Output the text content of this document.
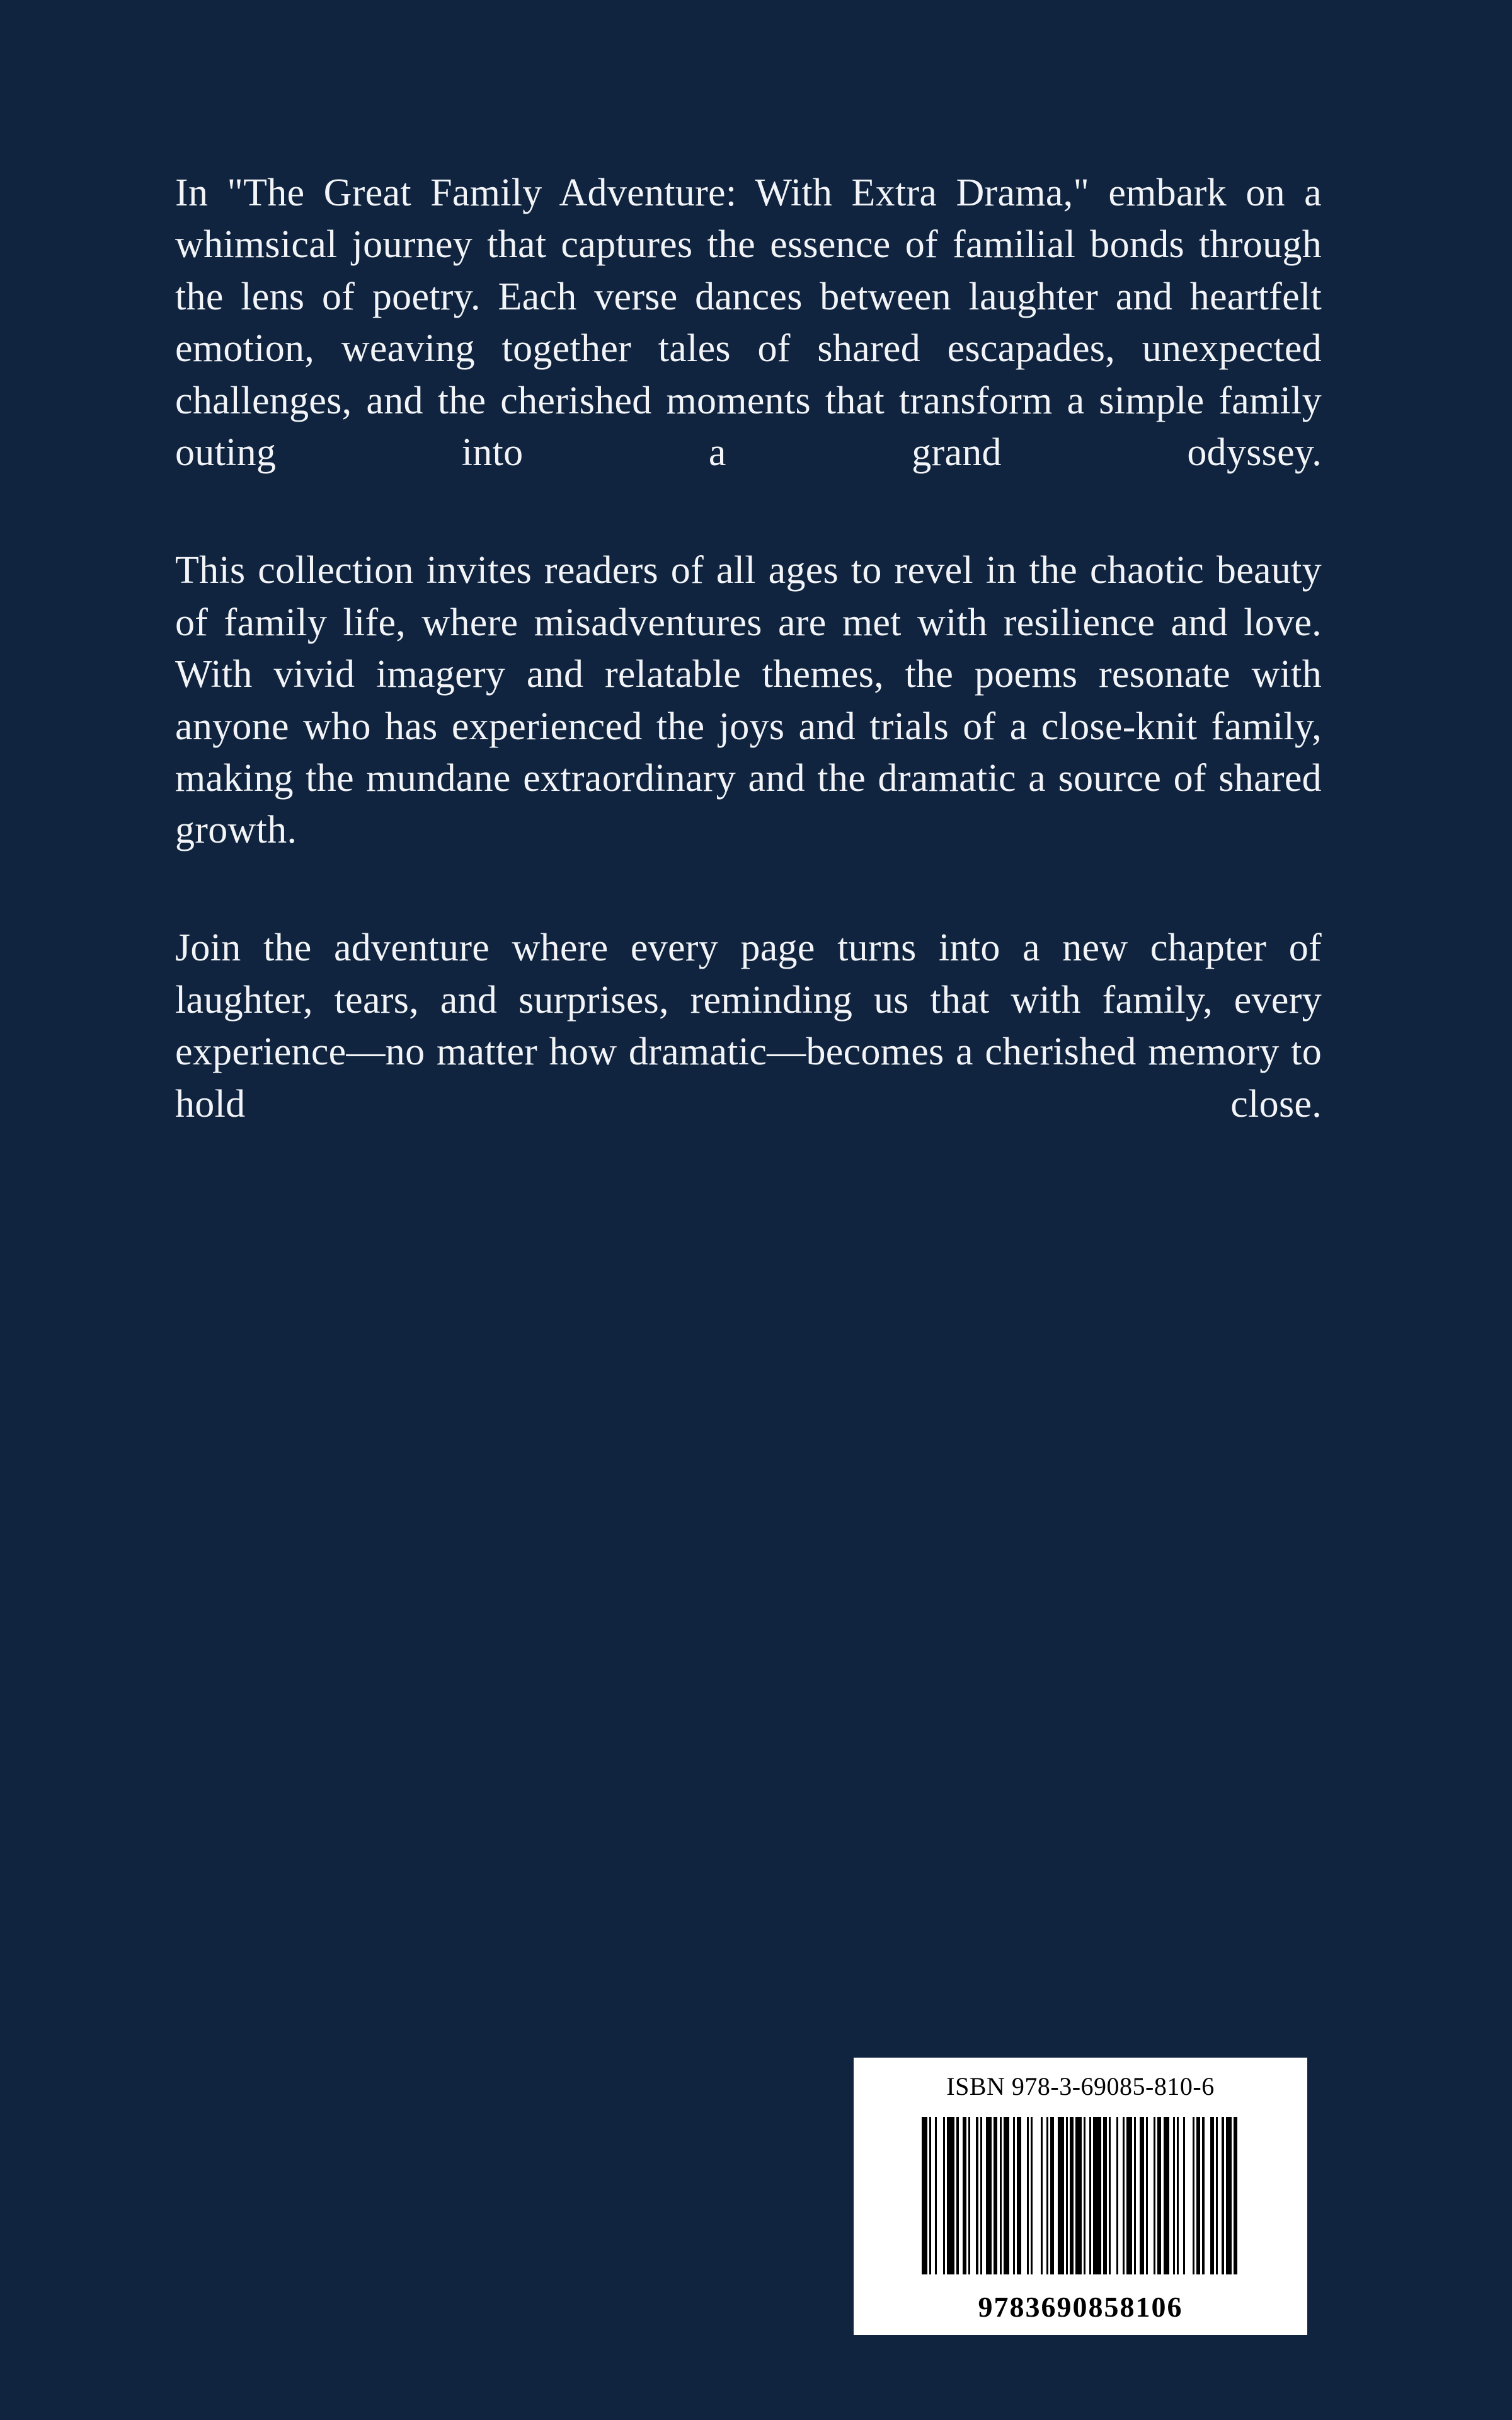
In "The Great Family Adventure: With Extra Drama," embark on a whimsical journey that captures the essence of familial bonds through the lens of poetry. Each verse dances between laughter and heartfelt emotion, weaving together tales of shared escapades, unexpected challenges, and the cherished moments that transform a simple family outing into a grand odyssey.

This collection invites readers of all ages to revel in the chaotic beauty of family life, where misadventures are met with resilience and love. With vivid imagery and relatable themes, the poems resonate with anyone who has experienced the joys and trials of a close-knit family, making the mundane extraordinary and the dramatic a source of shared growth.

Join the adventure where every page turns into a new chapter of laughter, tears, and surprises, reminding us that with family, every experience—no matter how dramatic—becomes a cherished memory to hold close.

ISBN 978-3-69085-810-6
9783690858106
